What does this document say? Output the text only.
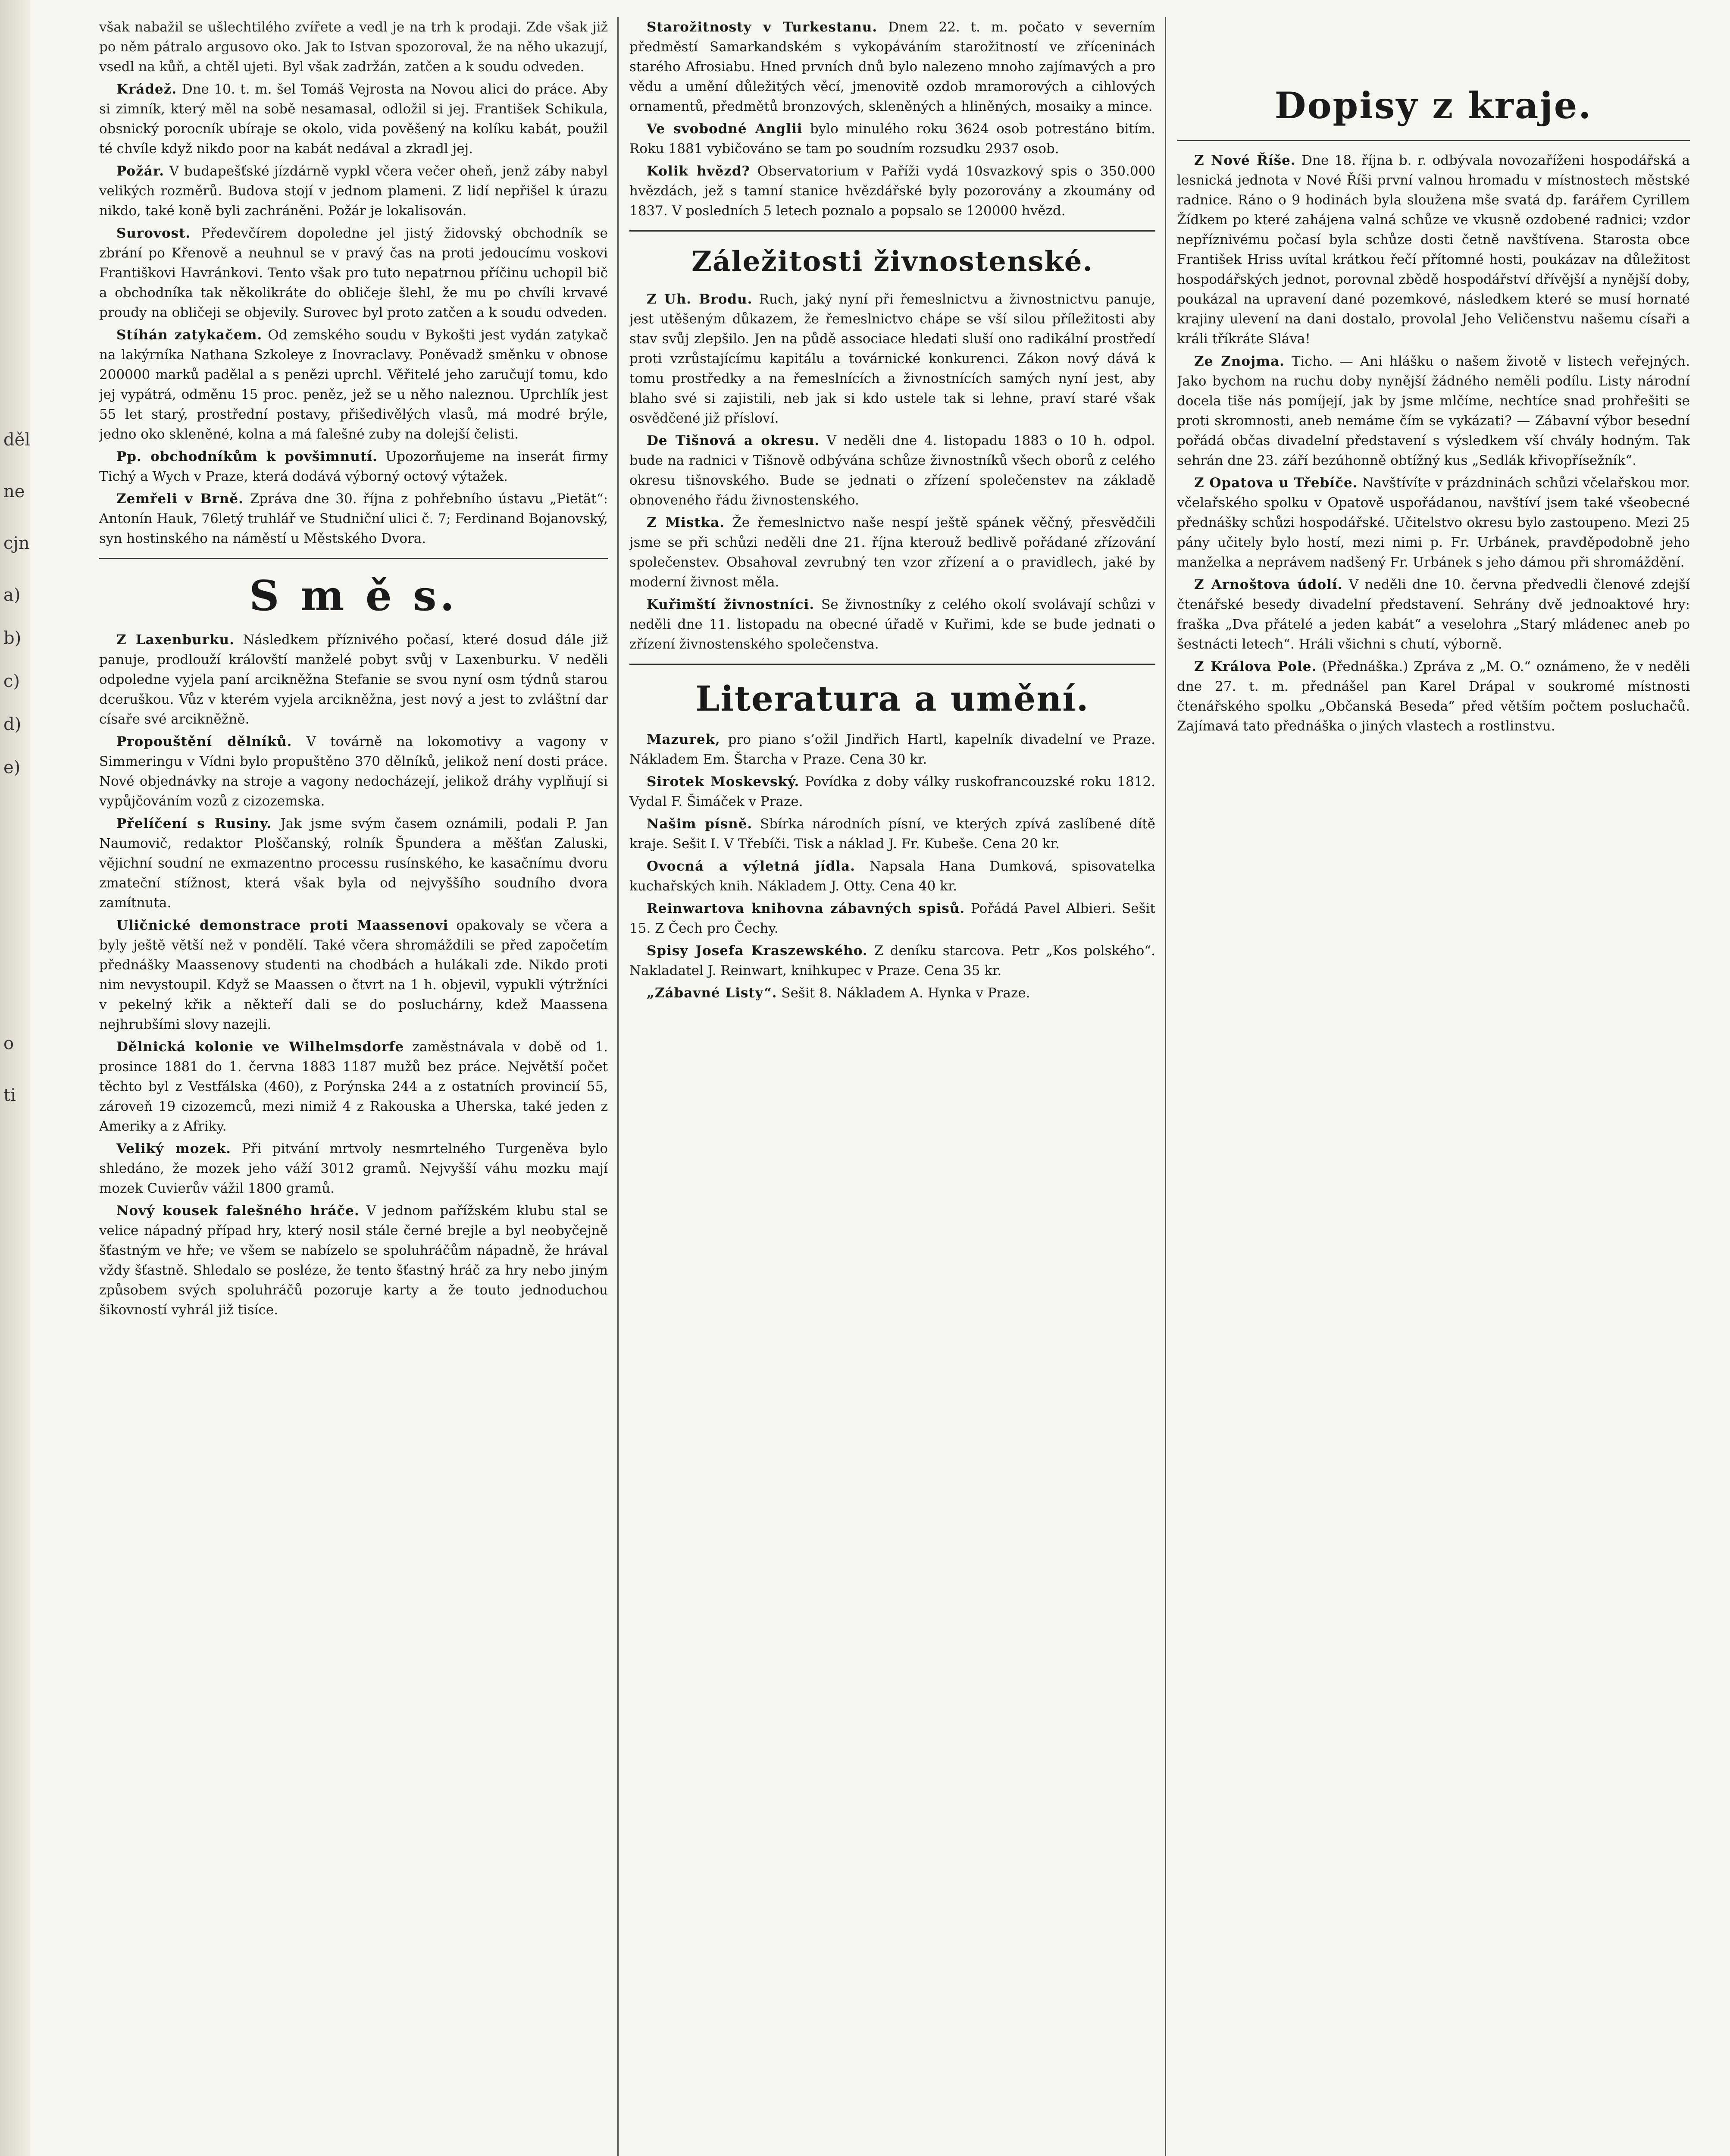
děl
ne
cjn
a)
b)
c)
d)
e)
o
ti

však nabažil se ušlechtilého zvířete a vedl je na trh k prodaji. Zde však již po něm pátralo argusovo oko. Jak to Istvan spozoroval, že na něho ukazují, vsedl na kůň, a chtěl ujeti. Byl však zadržán, zatčen a k soudu odveden.

Krádež. Dne 10. t. m. šel Tomáš Vejrosta na Novou alici do práce. Aby si zimník, který měl na sobě nesamasal, odložil si jej. František Schikula, obsnický porocník ubíraje se okolo, vida pověšený na kolíku kabát, použil té chvíle když nikdo poor na kabát nedával a zkradl jej.

Požár. V budapešťské jízdárně vypkl včera večer oheň, jenž záby nabyl velikých rozměrů. Budova stojí v jednom plameni. Z lidí nepřišel k úrazu nikdo, také koně byli zachráněni. Požár je lokalisován.

Surovost. Předevčírem dopoledne jel jistý židovský obchodník se zbrání po Křenově a neuhnul se v pravý čas na proti jedoucímu voskovi Františkovi Havránkovi. Tento však pro tuto nepatrnou příčinu uchopil bič a obchodníka tak několikráte do obličeje šlehl, že mu po chvíli krvavé proudy na obličeji se objevily. Surovec byl proto zatčen a k soudu odveden.

Stíhán zatykačem. Od zemského soudu v Bykošti jest vydán zatykač na lakýrníka Nathana Szkoleye z Inovraclavy. Poněvadž směnku v obnose 200000 marků padělal a s penězi uprchl. Věřitelé jeho zaručují tomu, kdo jej vypátrá, odměnu 15 proc. peněz, jež se u něho naleznou. Uprchlík jest 55 let starý, prostřední postavy, přišedivělých vlasů, má modré brýle, jedno oko skleněné, kolna a má falešné zuby na dolejší čelisti.

Pp. obchodníkům k povšimnutí. Upozorňujeme na inserát firmy Tichý a Wych v Praze, která dodává výborný octový výtažek.

Zemřeli v Brně. Zpráva dne 30. října z pohřebního ústavu „Pietät“: Antonín Hauk, 76letý truhlář ve Studniční ulici č. 7; Ferdinand Bojanovský, syn hostinského na náměstí u Městského Dvora.

S m ě s.

Z Laxenburku. Následkem příznivého počasí, které dosud dále již panuje, prodlouží královští manželé pobyt svůj v Laxenburku. V neděli odpoledne vyjela paní arcikněžna Stefanie se svou nyní osm týdnů starou dceruškou. Vůz v kterém vyjela arcikněžna, jest nový a jest to zvláštní dar císaře své arcikněžně.

Propouštění dělníků. V továrně na lokomotivy a vagony v Simmeringu v Vídni bylo propuštěno 370 dělníků, jelikož není dosti práce. Nové objednávky na stroje a vagony nedocházejí, jelikož dráhy vyplňují si vypůjčováním vozů z cizozemska.

Přelíčení s Rusiny. Jak jsme svým časem oznámili, podali P. Jan Naumovič, redaktor Ploščanský, rolník Špundera a měšťan Zaluski, vějichní soudní ne exmazentno processu rusínského, ke kasačnímu dvoru zmateční stížnost, která však byla od nejvyššího soudního dvora zamítnuta.

Uličnické demonstrace proti Maassenovi opakovaly se včera a byly ještě větší než v pondělí. Také včera shromáždili se před započetím přednášky Maassenovy studenti na chodbách a hulákali zde. Nikdo proti nim nevystoupil. Když se Maassen o čtvrt na 1 h. objevil, vypukli výtržníci v pekelný křik a někteří dali se do posluchárny, kdež Maassena nejhrubšími slovy nazejli.

Dělnická kolonie ve Wilhelmsdorfe zaměstnávala v době od 1. prosince 1881 do 1. června 1883 1187 mužů bez práce. Největší počet těchto byl z Vestfálska (460), z Porýnska 244 a z ostatních provincií 55, zároveň 19 cizozemců, mezi nimiž 4 z Rakouska a Uherska, také jeden z Ameriky a z Afriky.

Veliký mozek. Při pitvání mrtvoly nesmrtelného Turgeněva bylo shledáno, že mozek jeho váží 3012 gramů. Nejvyšší váhu mozku mají mozek Cuvierův vážil 1800 gramů.

Nový kousek falešného hráče. V jednom pařížském klubu stal se velice nápadný případ hry, který nosil stále černé brejle a byl neobyčejně šťastným ve hře; ve všem se nabízelo se spoluhráčům nápadně, že hrával vždy šťastně. Shledalo se posléze, že tento šťastný hráč za hry nebo jiným způsobem svých spoluhráčů pozoruje karty a že touto jednoduchou šikovností vyhrál již tisíce.

Starožitnosty v Turkestanu. Dnem 22. t. m. počato v severním předměstí Samarkandském s vykopáváním starožitností ve zříceninách starého Afrosiabu. Hned prvních dnů bylo nalezeno mnoho zajímavých a pro vědu a umění důležitých věcí, jmenovitě ozdob mramorových a cihlových ornamentů, předmětů bronzových, skleněných a hliněných, mosaiky a mince.

Ve svobodné Anglii bylo minulého roku 3624 osob potrestáno bitím. Roku 1881 vybičováno se tam po soudním rozsudku 2937 osob.

Kolik hvězd? Observatorium v Paříži vydá 10svazkový spis o 350.000 hvězdách, jež s tamní stanice hvězdářské byly pozorovány a zkoumány od 1837. V posledních 5 letech poznalo a popsalo se 120000 hvězd.

Záležitosti živnostenské.

Z Uh. Brodu. Ruch, jaký nyní při řemeslnictvu a živnostnictvu panuje, jest utěšeným důkazem, že řemeslnictvo chápe se vší silou příležitosti aby stav svůj zlepšilo. Jen na půdě associace hledati sluší ono radikální prostředí proti vzrůstajícímu kapitálu a továrnické konkurenci. Zákon nový dává k tomu prostředky a na řemeslnících a živnostnících samých nyní jest, aby blaho své si zajistili, neb jak si kdo ustele tak si lehne, praví staré však osvědčené již přísloví.

De Tišnová a okresu. V neděli dne 4. listopadu 1883 o 10 h. odpol. bude na radnici v Tišnově odbývána schůze živnostníků všech oborů z celého okresu tišnovského. Bude se jednati o zřízení společenstev na základě obnoveného řádu živnostenského.

Z Mistka. Že řemeslnictvo naše nespí ještě spánek věčný, přesvědčili jsme se při schůzi neděli dne 21. října kterouž bedlivě pořádané zřízování společenstev. Obsahoval zevrubný ten vzor zřízení a o pravidlech, jaké by moderní živnost měla.

Kuřimští živnostníci. Se živnostníky z celého okolí svolávají schůzi v neděli dne 11. listopadu na obecné úřadě v Kuřimi, kde se bude jednati o zřízení živnostenského společenstva.

Literatura a umění.

Mazurek, pro piano s’ožil Jindřich Hartl, kapelník divadelní ve Praze. Nákladem Em. Štarcha v Praze. Cena 30 kr.

Sirotek Moskevský. Povídka z doby války ruskofrancouzské roku 1812. Vydal F. Šimáček v Praze.

Našim písně. Sbírka národních písní, ve kterých zpívá zaslíbené dítě kraje. Sešit I. V Třebíči. Tisk a náklad J. Fr. Kubeše. Cena 20 kr.

Ovocná a výletná jídla. Napsala Hana Dumková, spisovatelka kuchařských knih. Nákladem J. Otty. Cena 40 kr.

Reinwartova knihovna zábavných spisů. Pořádá Pavel Albieri. Sešit 15. Z Čech pro Čechy.

Spisy Josefa Kraszewského. Z deníku starcova. Petr „Kos polského“. Nakladatel J. Reinwart, knihkupec v Praze. Cena 35 kr.

„Zábavné Listy“. Sešit 8. Nákladem A. Hynka v Praze.

Dopisy z kraje.

Z Nové Říše. Dne 18. října b. r. odbývala novozaříženi hospodářská a lesnická jednota v Nové Říši první valnou hromadu v místnostech městské radnice. Ráno o 9 hodinách byla sloužena mše svatá dp. farářem Cyrillem Žídkem po které zahájena valná schůze ve vkusně ozdobené radnici; vzdor nepříznivému počasí byla schůze dosti četně navštívena. Starosta obce František Hriss uvítal krátkou řečí přítomné hosti, poukázav na důležitost hospodářských jednot, porovnal zbědě hospodářství dřívější a nynější doby, poukázal na upravení dané pozemkové, následkem které se musí hornaté krajiny ulevení na dani dostalo, provolal Jeho Veličenstvu našemu císaři a králi tříkráte Sláva!

Ze Znojma. Ticho. — Ani hlášku o našem životě v listech veřejných. Jako bychom na ruchu doby nynější žádného neměli podílu. Listy národní docela tiše nás pomíjejí, jak by jsme mlčíme, nechtíce snad prohřešiti se proti skromnosti, aneb nemáme čím se vykázati? — Zábavní výbor besední pořádá občas divadelní představení s výsledkem vší chvály hodným. Tak sehrán dne 23. září bezúhonně obtížný kus „Sedlák křivopřísežník“.

Z Opatova u Třebíče. Navštívíte v prázdninách schůzi včelařskou mor. včelařského spolku v Opatově uspořádanou, navštíví jsem také všeobecné přednášky schůzi hospodářské. Učitelstvo okresu bylo zastoupeno. Mezi 25 pány učitely bylo hostí, mezi nimi p. Fr. Urbánek, pravděpodobně jeho manželka a neprávem nadšený Fr. Urbánek s jeho dámou při shromáždění.

Z Arnoštova údolí. V neděli dne 10. června předvedli členové zdejší čtenářské besedy divadelní představení. Sehrány dvě jednoaktové hry: fraška „Dva přátelé a jeden kabát“ a veselohra „Starý mládenec aneb po šestnácti letech“. Hráli všichni s chutí, výborně.

Z Králova Pole. (Přednáška.) Zpráva z „M. O.“ oznámeno, že v neděli dne 27. t. m. přednášel pan Karel Drápal v soukromé místnosti čtenářského spolku „Občanská Beseda“ před větším počtem posluchačů. Zajímavá tato přednáška o jiných vlastech a rostlinstvu.
